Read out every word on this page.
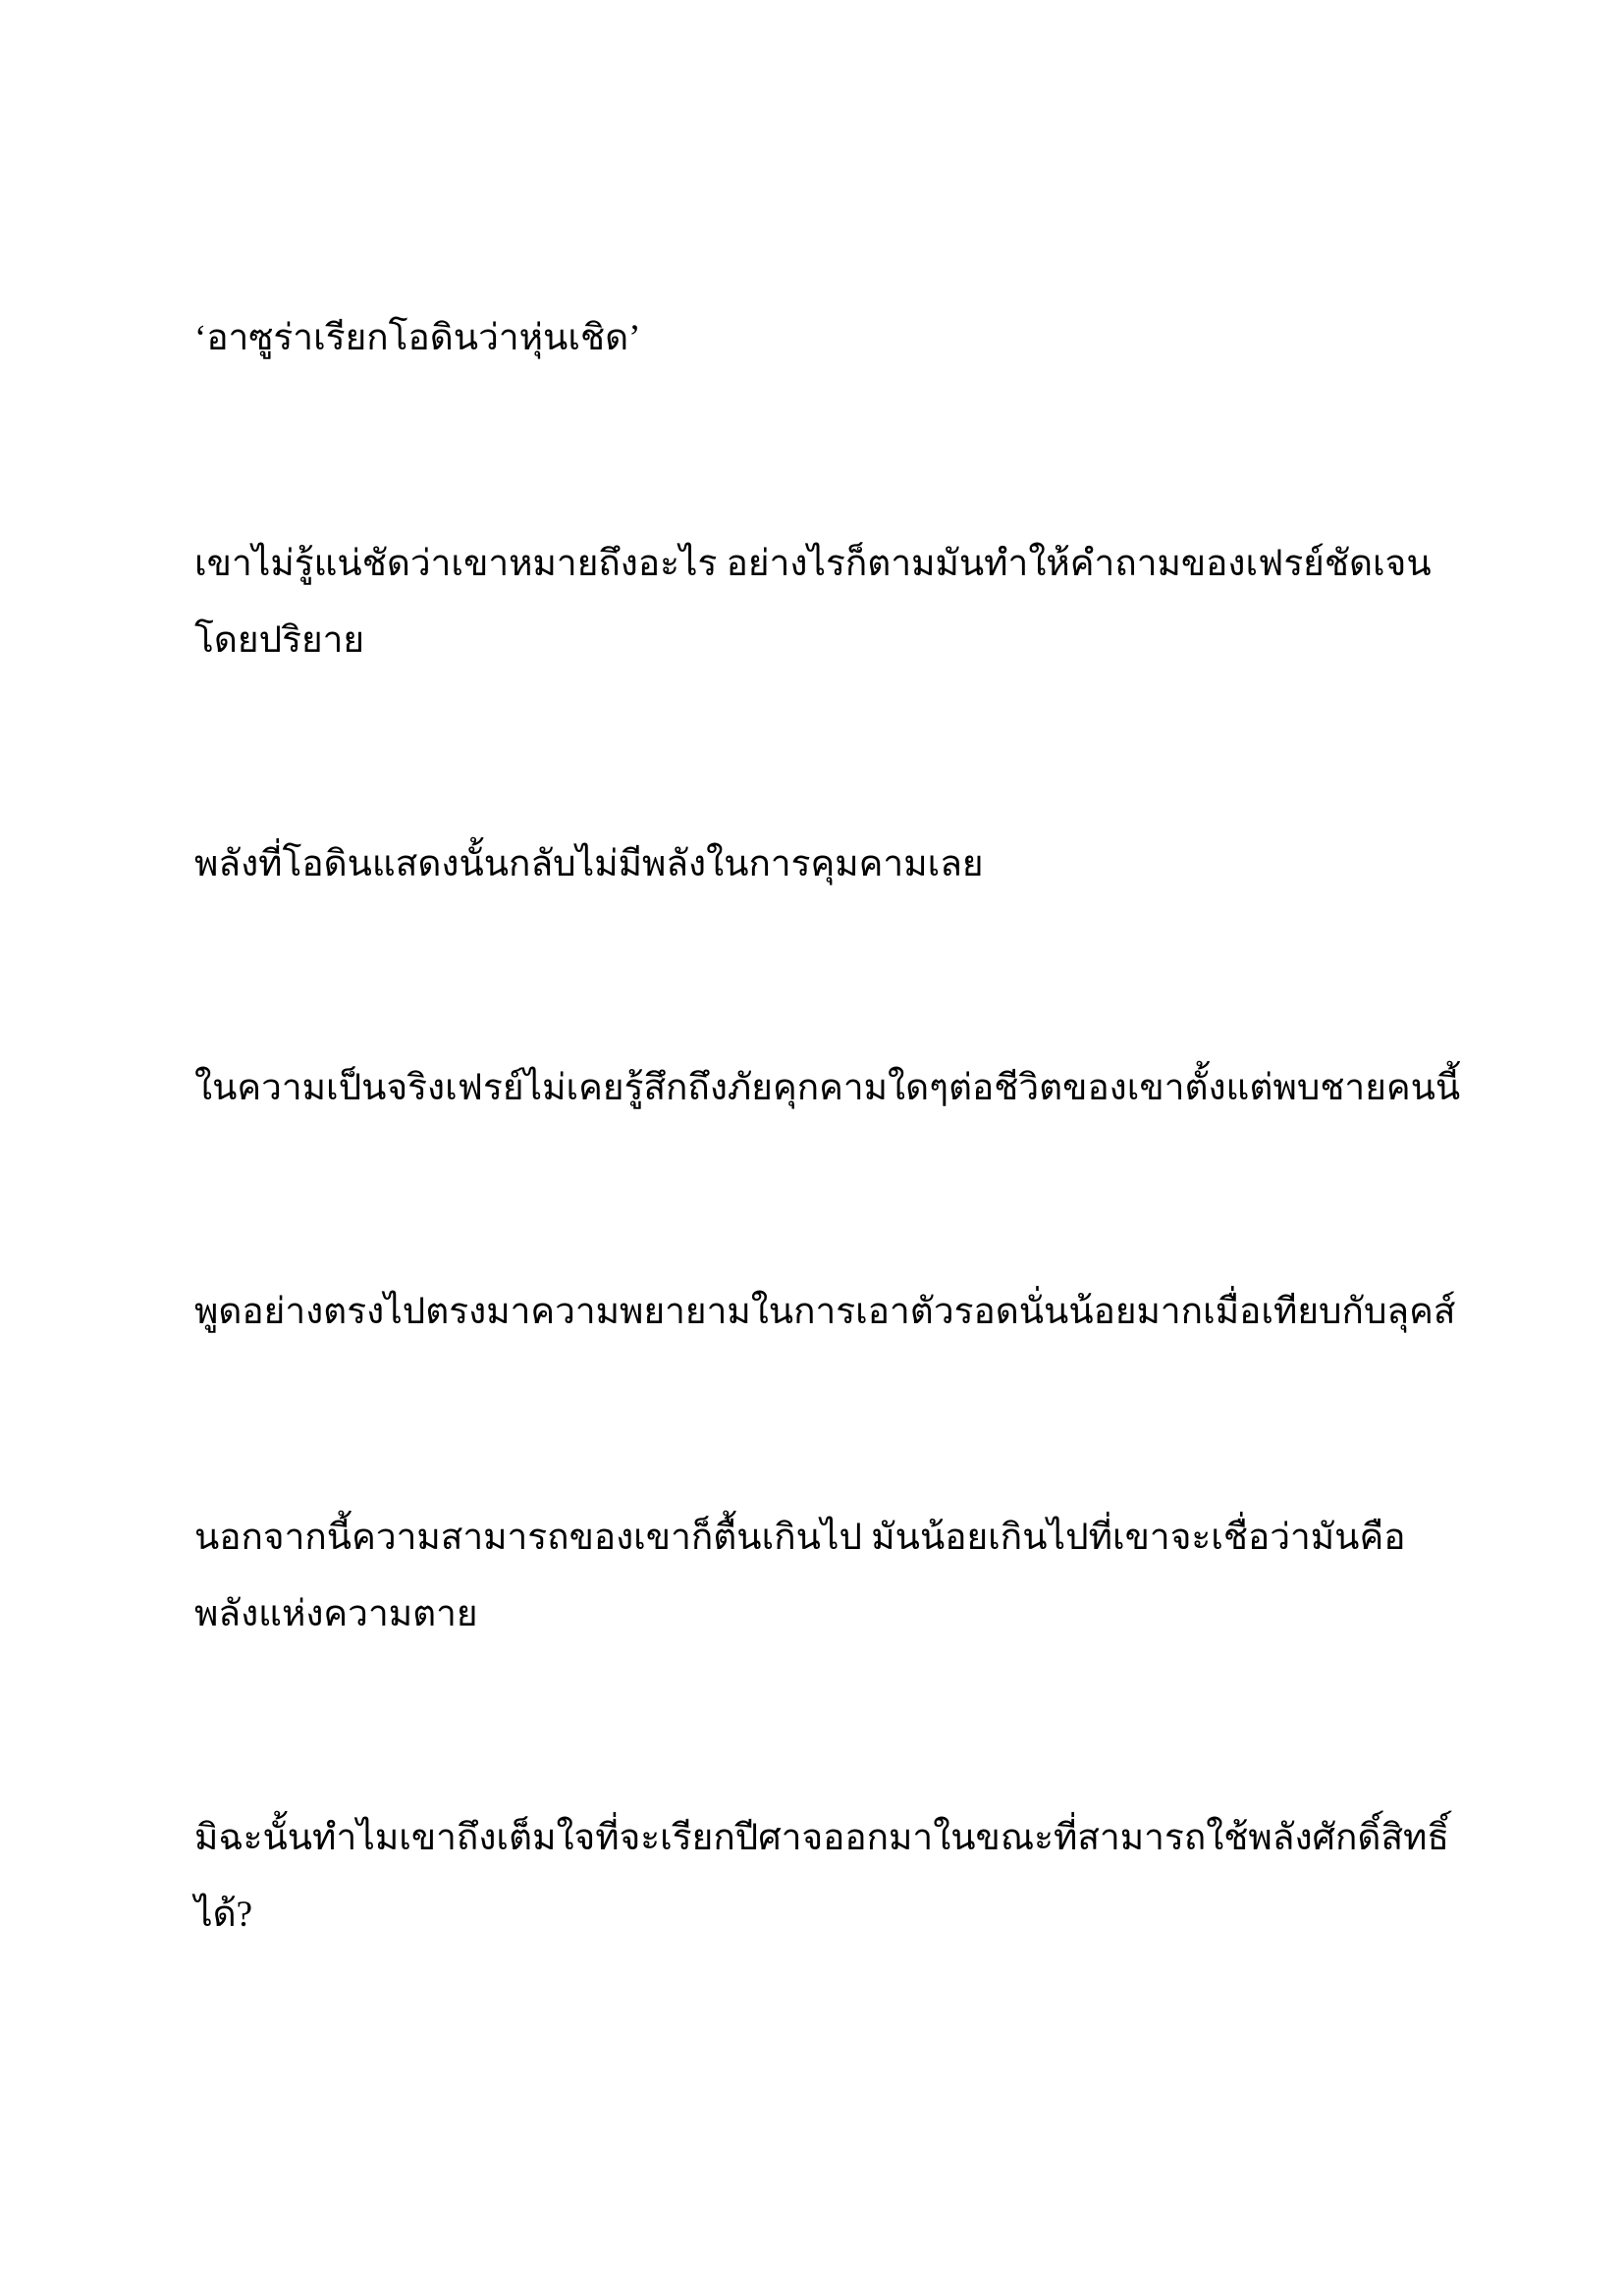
‘อาซูร่าเรียกโอดินว่าหุ่นเชิด’

เขาไม่รู้แน่ชัดว่าเขาหมายถึงอะไร อย่างไรก็ตามมันทำให้คำถามของเฟรย์ชัดเจนโดยปริยาย

พลังที่โอดินแสดงนั้นกลับไม่มีพลังในการคุมคามเลย

ในความเป็นจริงเฟรย์ไม่เคยรู้สึกถึงภัยคุกคามใดๆต่อชีวิตของเขาตั้งแต่พบชายคนนี้

พูดอย่างตรงไปตรงมาความพยายามในการเอาตัวรอดนั่นน้อยมากเมื่อเทียบกับลุคส์

นอกจากนี้ความสามารถของเขาก็ตื้นเกินไป มันน้อยเกินไปที่เขาจะเชื่อว่ามันคือพลังแห่งความตาย

มิฉะนั้นทำไมเขาถึงเต็มใจที่จะเรียกปีศาจออกมาในขณะที่สามารถใช้พลังศักดิ์สิทธิ์ได้?
